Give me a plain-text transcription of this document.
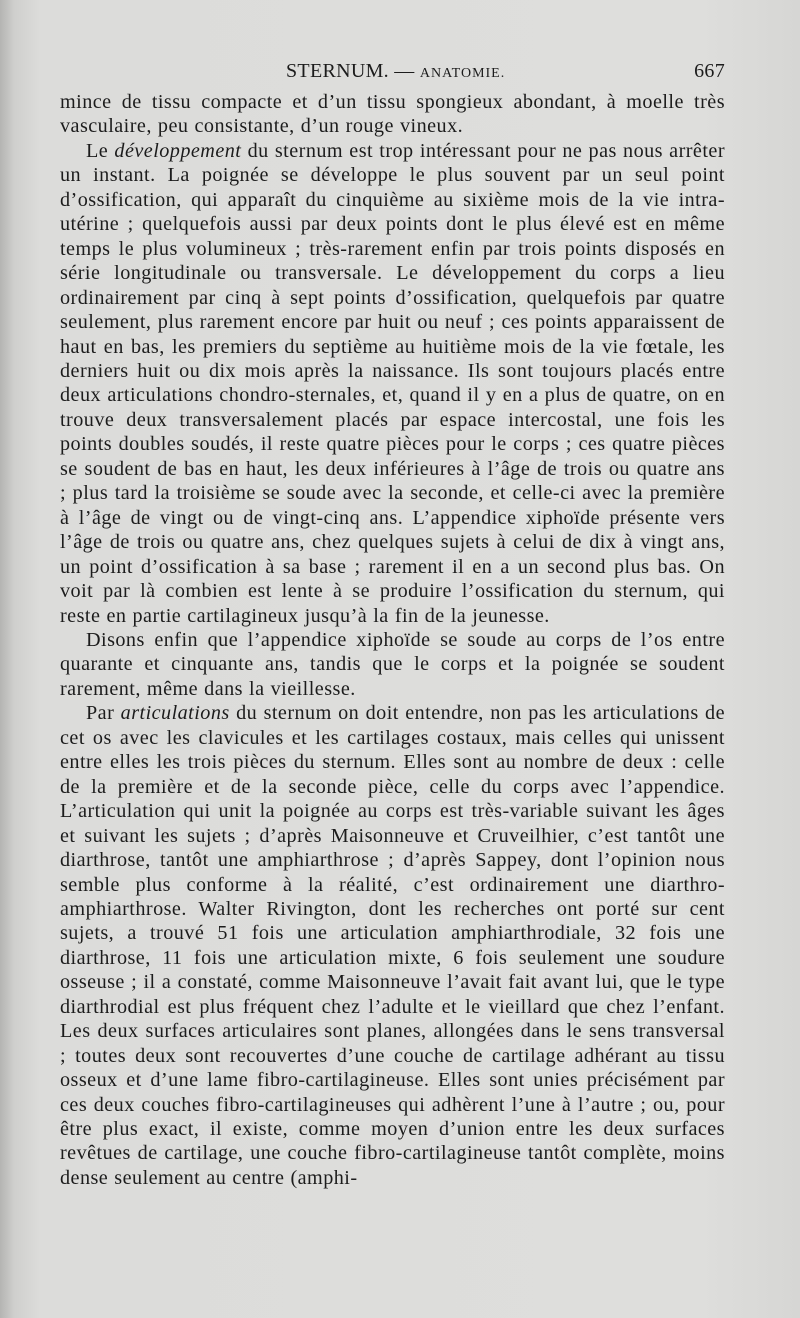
STERNUM. — ANATOMIE.	667

mince de tissu compacte et d’un tissu spongieux abondant, à moelle très vasculaire, peu consistante, d’un rouge vineux.

Le développement du sternum est trop intéressant pour ne pas nous arrêter un instant. La poignée se développe le plus souvent par un seul point d’ossification, qui apparaît du cinquième au sixième mois de la vie intra-utérine ; quelquefois aussi par deux points dont le plus élevé est en même temps le plus volumineux ; très-rarement enfin par trois points disposés en série longitudinale ou transversale. Le développement du corps a lieu ordinairement par cinq à sept points d’ossification, quelquefois par quatre seulement, plus rarement encore par huit ou neuf ; ces points apparaissent de haut en bas, les premiers du septième au huitième mois de la vie fœtale, les derniers huit ou dix mois après la naissance. Ils sont toujours placés entre deux articulations chondro-sternales, et, quand il y en a plus de quatre, on en trouve deux transversalement placés par espace intercostal, une fois les points doubles soudés, il reste quatre pièces pour le corps ; ces quatre pièces se soudent de bas en haut, les deux inférieures à l’âge de trois ou quatre ans ; plus tard la troisième se soude avec la seconde, et celle-ci avec la première à l’âge de vingt ou de vingt-cinq ans. L’appendice xiphoïde présente vers l’âge de trois ou quatre ans, chez quelques sujets à celui de dix à vingt ans, un point d’ossification à sa base ; rarement il en a un second plus bas. On voit par là combien est lente à se produire l’ossification du sternum, qui reste en partie cartilagineux jusqu’à la fin de la jeunesse.

Disons enfin que l’appendice xiphoïde se soude au corps de l’os entre quarante et cinquante ans, tandis que le corps et la poignée se soudent rarement, même dans la vieillesse.

Par articulations du sternum on doit entendre, non pas les articulations de cet os avec les clavicules et les cartilages costaux, mais celles qui unissent entre elles les trois pièces du sternum. Elles sont au nombre de deux : celle de la première et de la seconde pièce, celle du corps avec l’appendice. L’articulation qui unit la poignée au corps est très-variable suivant les âges et suivant les sujets ; d’après Maisonneuve et Cruveilhier, c’est tantôt une diarthrose, tantôt une amphiarthrose ; d’après Sappey, dont l’opinion nous semble plus conforme à la réalité, c’est ordinairement une diarthro-amphiarthrose. Walter Rivington, dont les recherches ont porté sur cent sujets, a trouvé 51 fois une articulation amphiarthrodiale, 32 fois une diarthrose, 11 fois une articulation mixte, 6 fois seulement une soudure osseuse ; il a constaté, comme Maisonneuve l’avait fait avant lui, que le type diarthrodial est plus fréquent chez l’adulte et le vieillard que chez l’enfant. Les deux surfaces articulaires sont planes, allongées dans le sens transversal ; toutes deux sont recouvertes d’une couche de cartilage adhérant au tissu osseux et d’une lame fibro-cartilagineuse. Elles sont unies précisément par ces deux couches fibro-cartilagineuses qui adhèrent l’une à l’autre ; ou, pour être plus exact, il existe, comme moyen d’union entre les deux surfaces revêtues de cartilage, une couche fibro-cartilagineuse tantôt complète, moins dense seulement au centre (amphi-
